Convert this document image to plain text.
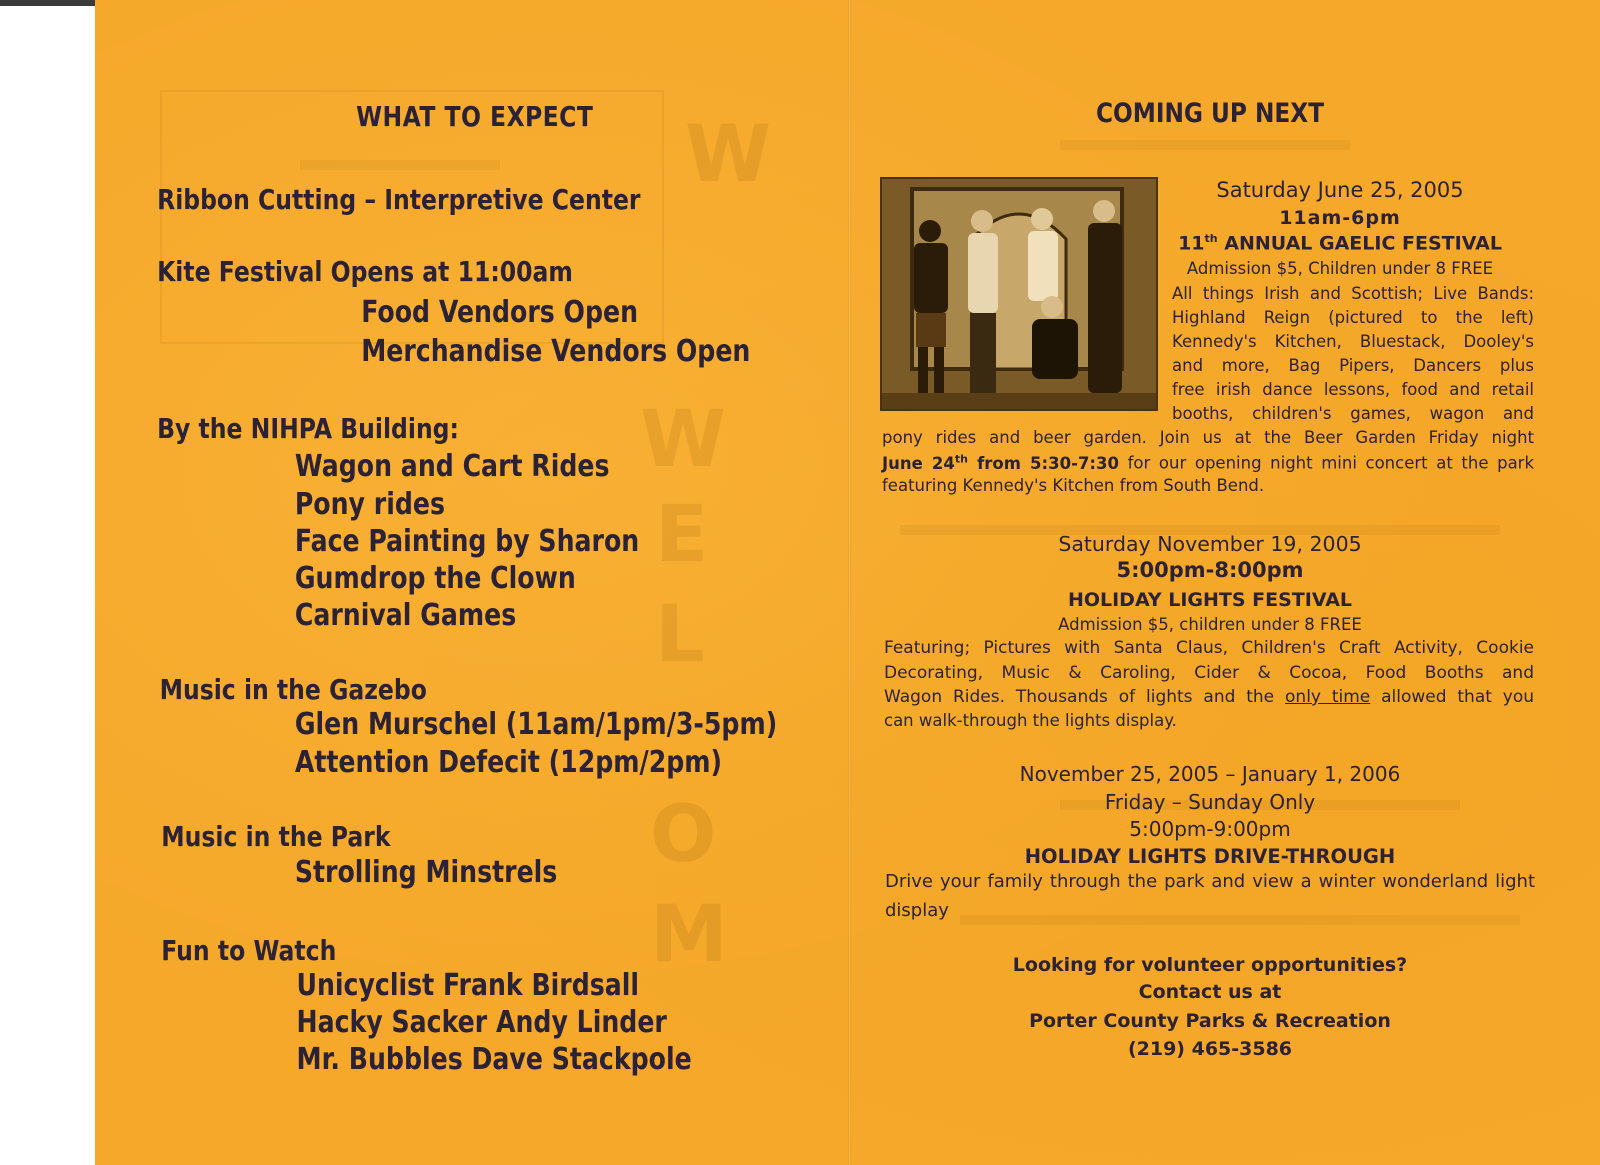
W
W
E
L
O
M
WHAT TO EXPECT
Ribbon Cutting – Interpretive Center
Kite Festival Opens at 11:00am
Food Vendors Open
Merchandise Vendors Open
By the NIHPA Building:
Wagon and Cart Rides
Pony rides
Face Painting by Sharon
Gumdrop the Clown
Carnival Games
Music in the Gazebo
Glen Murschel (11am/1pm/3-5pm)
Attention Defecit (12pm/2pm)
Music in the Park
Strolling Minstrels
Fun to Watch
Unicyclist Frank Birdsall
Hacky Sacker Andy Linder
Mr. Bubbles Dave Stackpole
COMING UP NEXT
Saturday June 25, 2005
11am-6pm
11th ANNUAL GAELIC FESTIVAL
Admission $5, Children under 8 FREE
All things Irish and Scottish; Live Bands:
Highland Reign (pictured to the left)
Kennedy's Kitchen, Bluestack, Dooley's
and more, Bag Pipers, Dancers plus
free irish dance lessons, food and retail
booths, children's games, wagon and
pony rides and beer garden. Join us at the Beer Garden Friday night
June 24th from 5:30-7:30 for our opening night mini concert at the park
featuring Kennedy's Kitchen from South Bend.
Saturday November 19, 2005
5:00pm-8:00pm
HOLIDAY LIGHTS FESTIVAL
Admission $5, children under 8 FREE
Featuring; Pictures with Santa Claus, Children's Craft Activity, Cookie
Decorating, Music & Caroling, Cider & Cocoa, Food Booths and
Wagon Rides. Thousands of lights and the only time allowed that you
can walk-through the lights display.
November 25, 2005 – January 1, 2006
Friday – Sunday Only
5:00pm-9:00pm
HOLIDAY LIGHTS DRIVE-THROUGH
Drive your family through the park and view a winter wonderland light
display
Looking for volunteer opportunities?
Contact us at
Porter County Parks & Recreation
(219) 465-3586
